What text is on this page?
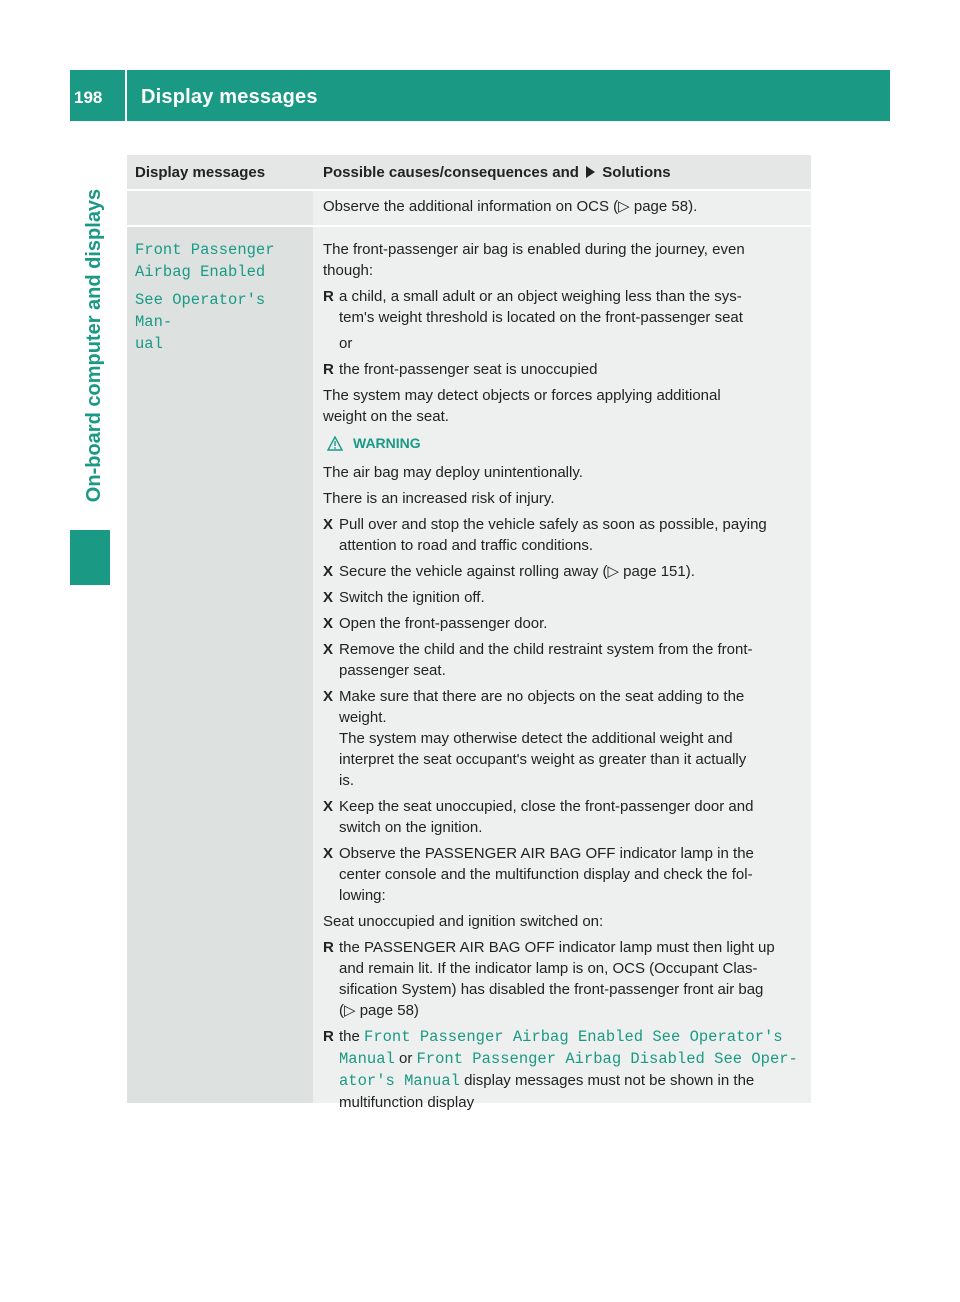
198	Display messages
On-board computer and displays
Display messages	Possible causes/consequences and Solutions
Observe the additional information on OCS (▷ page 58).
Front Passenger
Airbag Enabled
See Operator's Man‐
ual
The front-passenger air bag is enabled during the journey, even
though:
R a child, a small adult or an object weighing less than the sys-
tem's weight threshold is located on the front-passenger seat
or
R the front-passenger seat is unoccupied
The system may detect objects or forces applying additional
weight on the seat.
WARNING
The air bag may deploy unintentionally.
There is an increased risk of injury.
X Pull over and stop the vehicle safely as soon as possible, paying
attention to road and traffic conditions.
X Secure the vehicle against rolling away (▷ page 151).
X Switch the ignition off.
X Open the front-passenger door.
X Remove the child and the child restraint system from the front-
passenger seat.
X Make sure that there are no objects on the seat adding to the
weight.
The system may otherwise detect the additional weight and
interpret the seat occupant's weight as greater than it actually
is.
X Keep the seat unoccupied, close the front-passenger door and
switch on the ignition.
X Observe the PASSENGER AIR BAG OFF indicator lamp in the
center console and the multifunction display and check the fol-
lowing:
Seat unoccupied and ignition switched on:
R the PASSENGER AIR BAG OFF indicator lamp must then light up
and remain lit. If the indicator lamp is on, OCS (Occupant Clas-
sification System) has disabled the front-passenger front air bag
(▷ page 58)
R the Front Passenger Airbag Enabled See Operator's
Manual or Front Passenger Airbag Disabled See Oper‐
ator's Manual display messages must not be shown in the
multifunction display
